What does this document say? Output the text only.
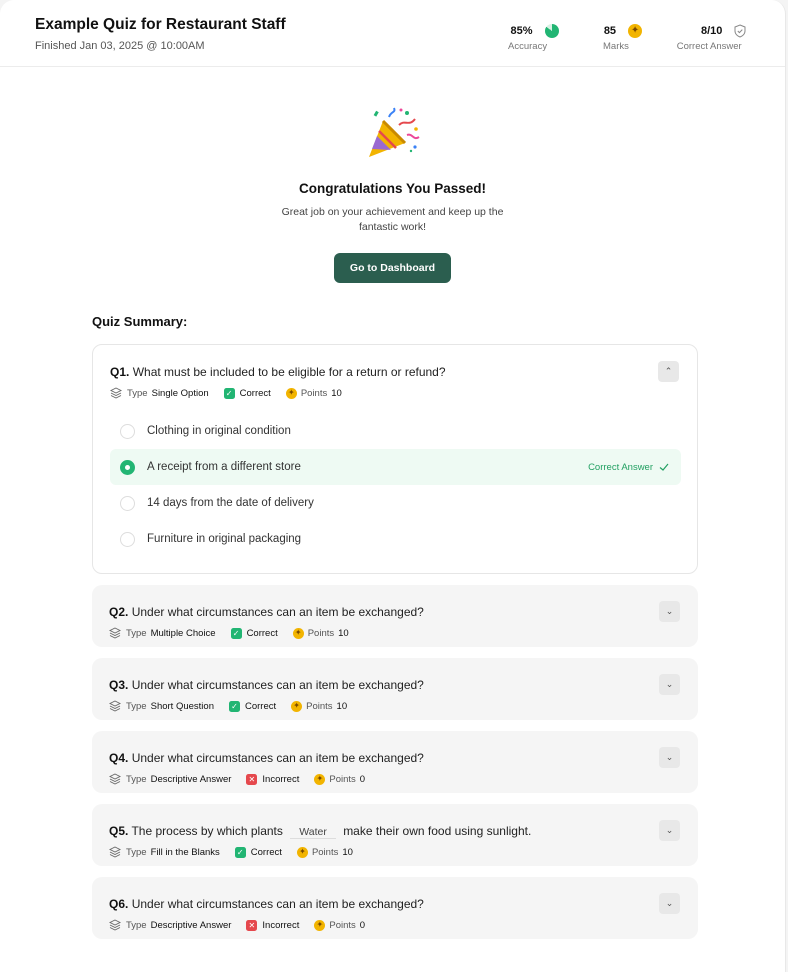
Example Quiz for Restaurant Staff
Finished Jan 03, 2025 @ 10:00AM
85%
Accuracy
85 ✦
Marks
8/10
Correct Answer
Congratulations You Passed!
Great job on your achievement and keep up the fantastic work!
Go to Dashboard
Quiz Summary:
Q1. What must be included to be eligible for a return or refund?
Type Single Option ✓ Correct ✦ Points 10
⌃
Clothing in original condition
A receipt from a different store	Correct Answer
14 days from the date of delivery
Furniture in original packaging
Q2. Under what circumstances can an item be exchanged?
Type Multiple Choice ✓ Correct ✦ Points 10
⌄
Q3. Under what circumstances can an item be exchanged?
Type Short Question ✓ Correct ✦ Points 10
⌄
Q4. Under what circumstances can an item be exchanged?
Type Descriptive Answer ✕ Incorrect ✦ Points 0
⌄
Q5. The process by which plants Water make their own food using sunlight.
Type Fill in the Blanks ✓ Correct ✦ Points 10
⌄
Q6. Under what circumstances can an item be exchanged?
Type Descriptive Answer ✕ Incorrect ✦ Points 0
⌄
